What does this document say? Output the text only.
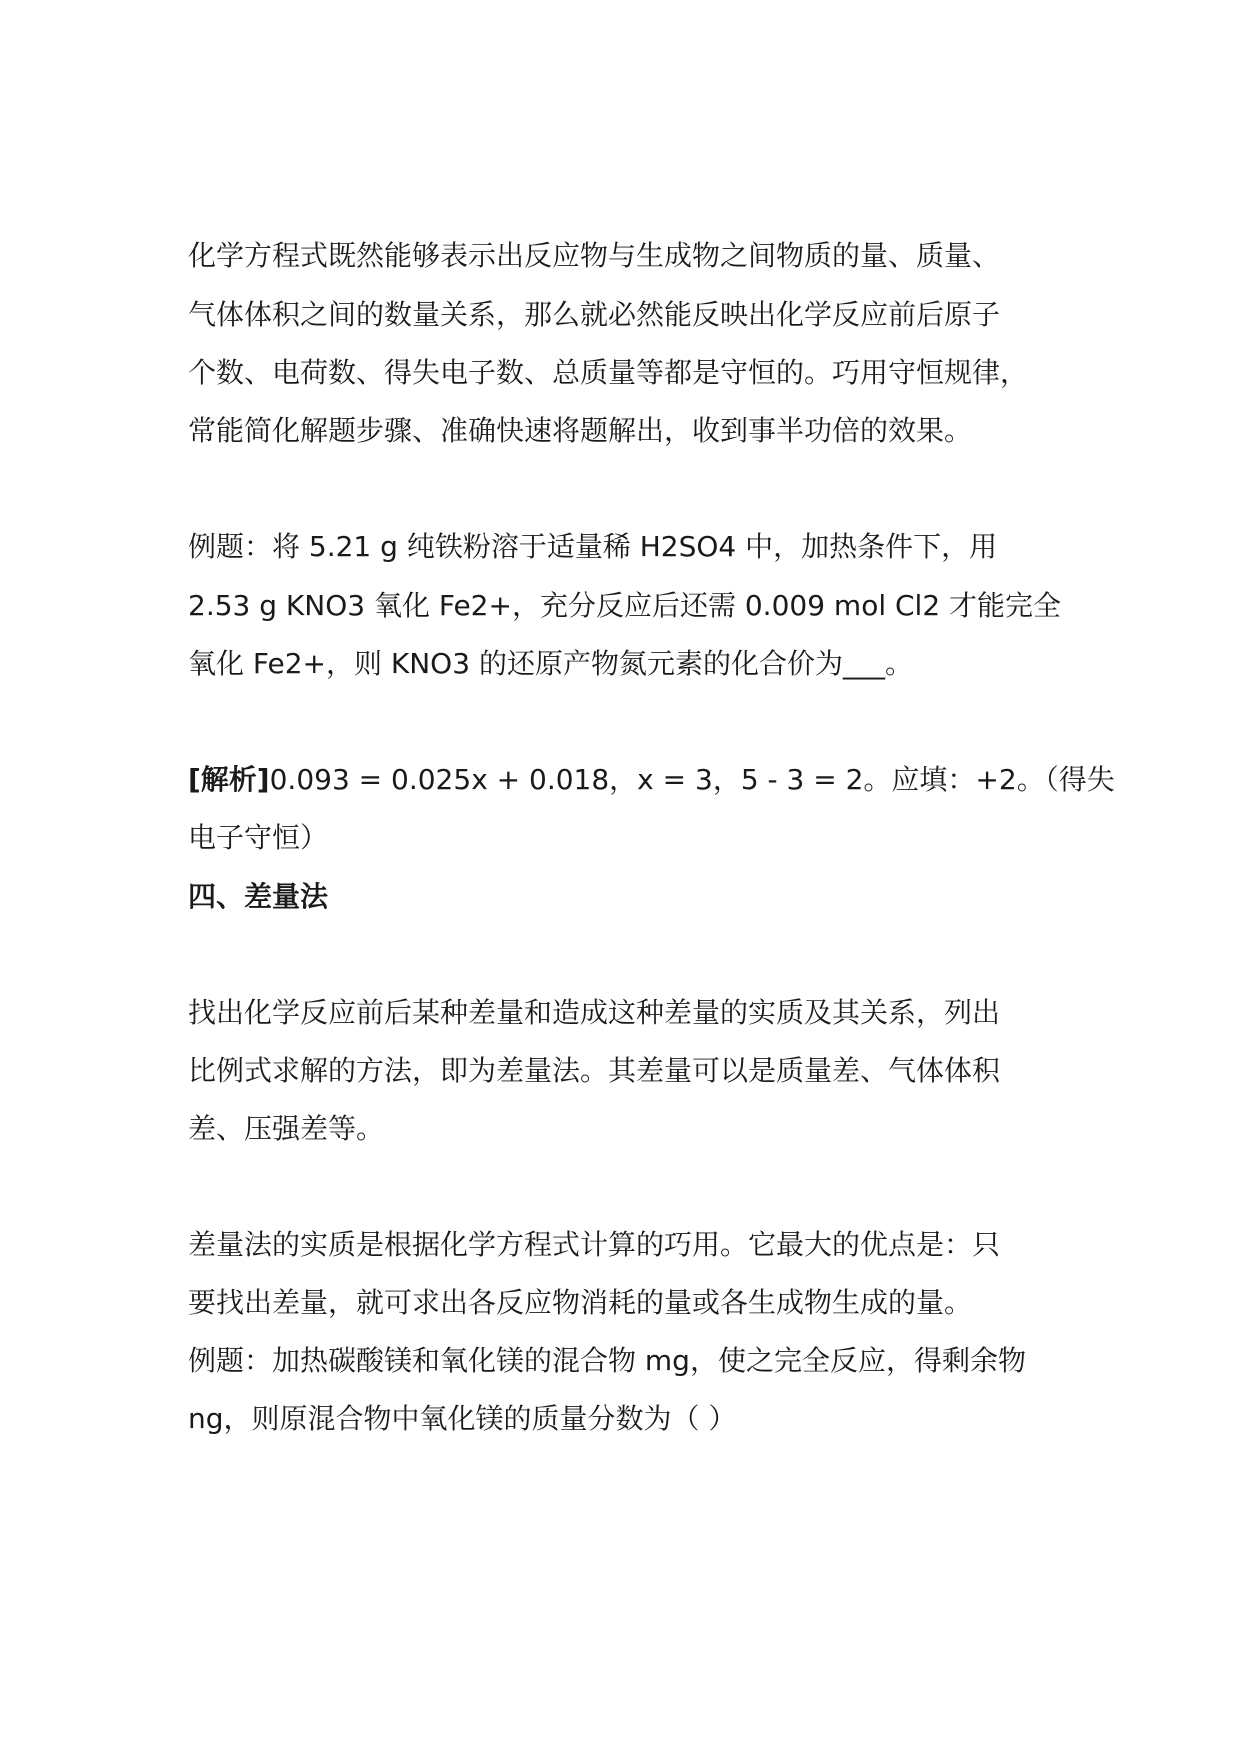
化学方程式既然能够表示出反应物与生成物之间物质的量、质量、
气体体积之间的数量关系，那么就必然能反映出化学反应前后原子
个数、电荷数、得失电子数、总质量等都是守恒的。巧用守恒规律，
常能简化解题步骤、准确快速将题解出，收到事半功倍的效果。
例题：将 5.21 g 纯铁粉溶于适量稀 H2SO4 中，加热条件下，用
2.53 g KNO3 氧化 Fe2+，充分反应后还需 0.009 mol Cl2 才能完全
氧化 Fe2+，则 KNO3 的还原产物氮元素的化合价为___。
[解析]0.093 = 0.025x + 0.018，x = 3，5 - 3 = 2。应填：+2。（得失
电子守恒）
四、差量法
找出化学反应前后某种差量和造成这种差量的实质及其关系，列出
比例式求解的方法，即为差量法。其差量可以是质量差、气体体积
差、压强差等。
差量法的实质是根据化学方程式计算的巧用。它最大的优点是：只
要找出差量，就可求出各反应物消耗的量或各生成物生成的量。
例题：加热碳酸镁和氧化镁的混合物 mg，使之完全反应，得剩余物
ng，则原混合物中氧化镁的质量分数为（ ）
